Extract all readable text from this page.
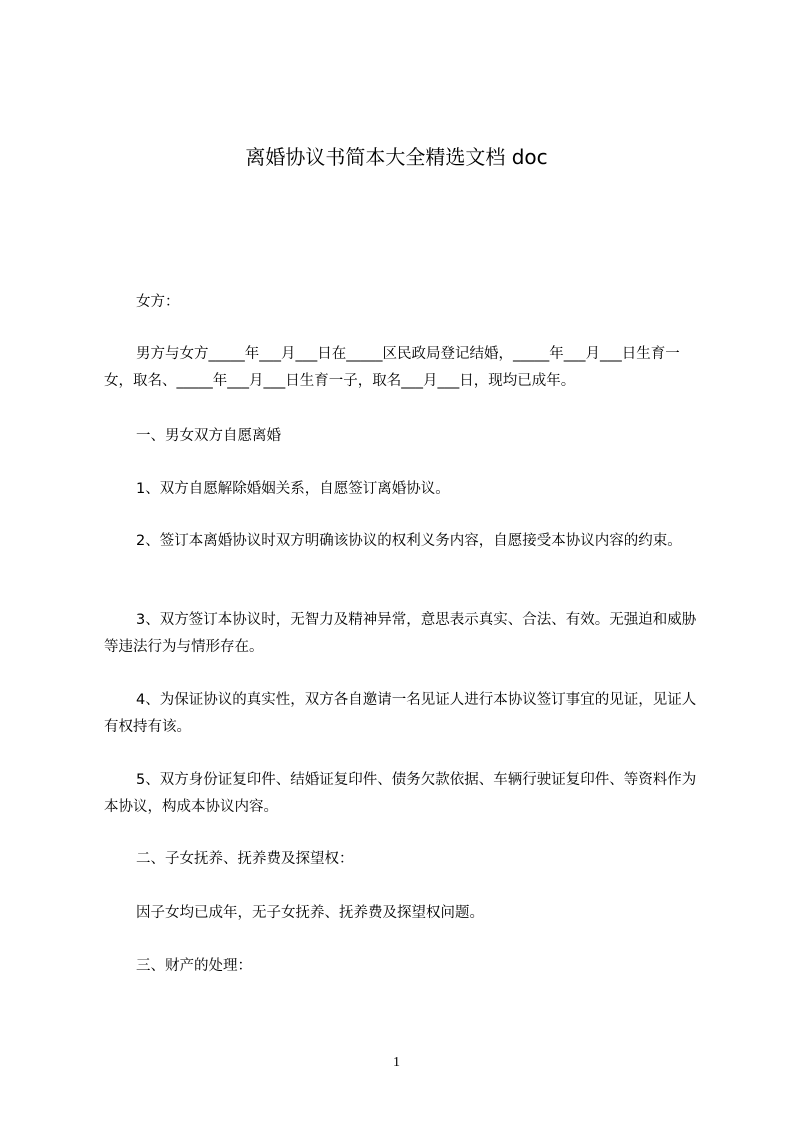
离婚协议书简本大全精选文档 doc

女方：

男方与女方_____年___月___日在_____区民政局登记结婚，_____年___月___日生育一女，取名、_____年___月___日生育一子，取名___月___日，现均已成年。

一、男女双方自愿离婚

1、双方自愿解除婚姻关系，自愿签订离婚协议。

2、签订本离婚协议时双方明确该协议的权利义务内容，自愿接受本协议内容的约束。

3、双方签订本协议时，无智力及精神异常，意思表示真实、合法、有效。无强迫和威胁等违法行为与情形存在。

4、为保证协议的真实性，双方各自邀请一名见证人进行本协议签订事宜的见证，见证人有权持有该。

5、双方身份证复印件、结婚证复印件、债务欠款依据、车辆行驶证复印件、等资料作为本协议，构成本协议内容。

二、子女抚养、抚养费及探望权：

因子女均已成年，无子女抚养、抚养费及探望权问题。

三、财产的处理：

1
